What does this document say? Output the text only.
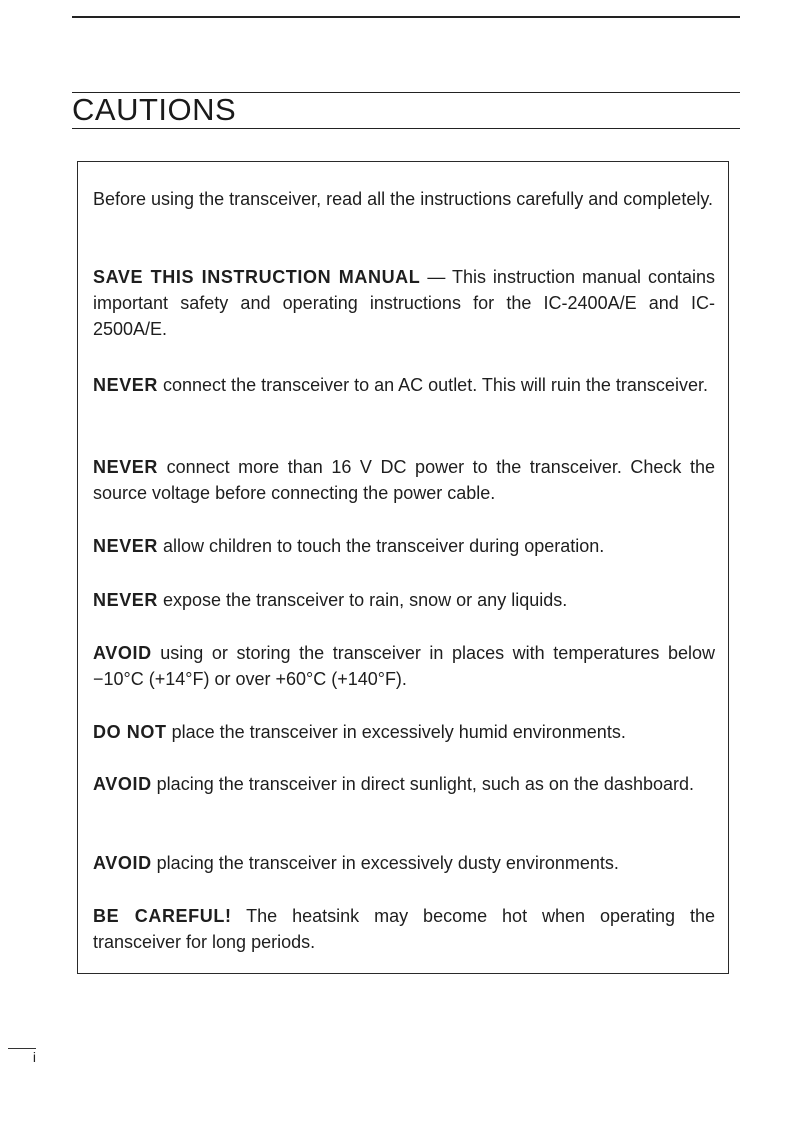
CAUTIONS

Before using the transceiver, read all the instructions carefully and completely.

SAVE THIS INSTRUCTION MANUAL — This instruction manual contains important safety and operating instructions for the IC-2400A/E and IC-2500A/E.

NEVER connect the transceiver to an AC outlet. This will ruin the transceiver.

NEVER connect more than 16 V DC power to the transceiver. Check the source voltage before connecting the power cable.

NEVER allow children to touch the transceiver during operation.

NEVER expose the transceiver to rain, snow or any liquids.

AVOID using or storing the transceiver in places with temperatures below −10°C (+14°F) or over +60°C (+140°F).

DO NOT place the transceiver in excessively humid environments.

AVOID placing the transceiver in direct sunlight, such as on the dashboard.

AVOID placing the transceiver in excessively dusty environments.

BE CAREFUL! The heatsink may become hot when operating the transceiver for long periods.

i
